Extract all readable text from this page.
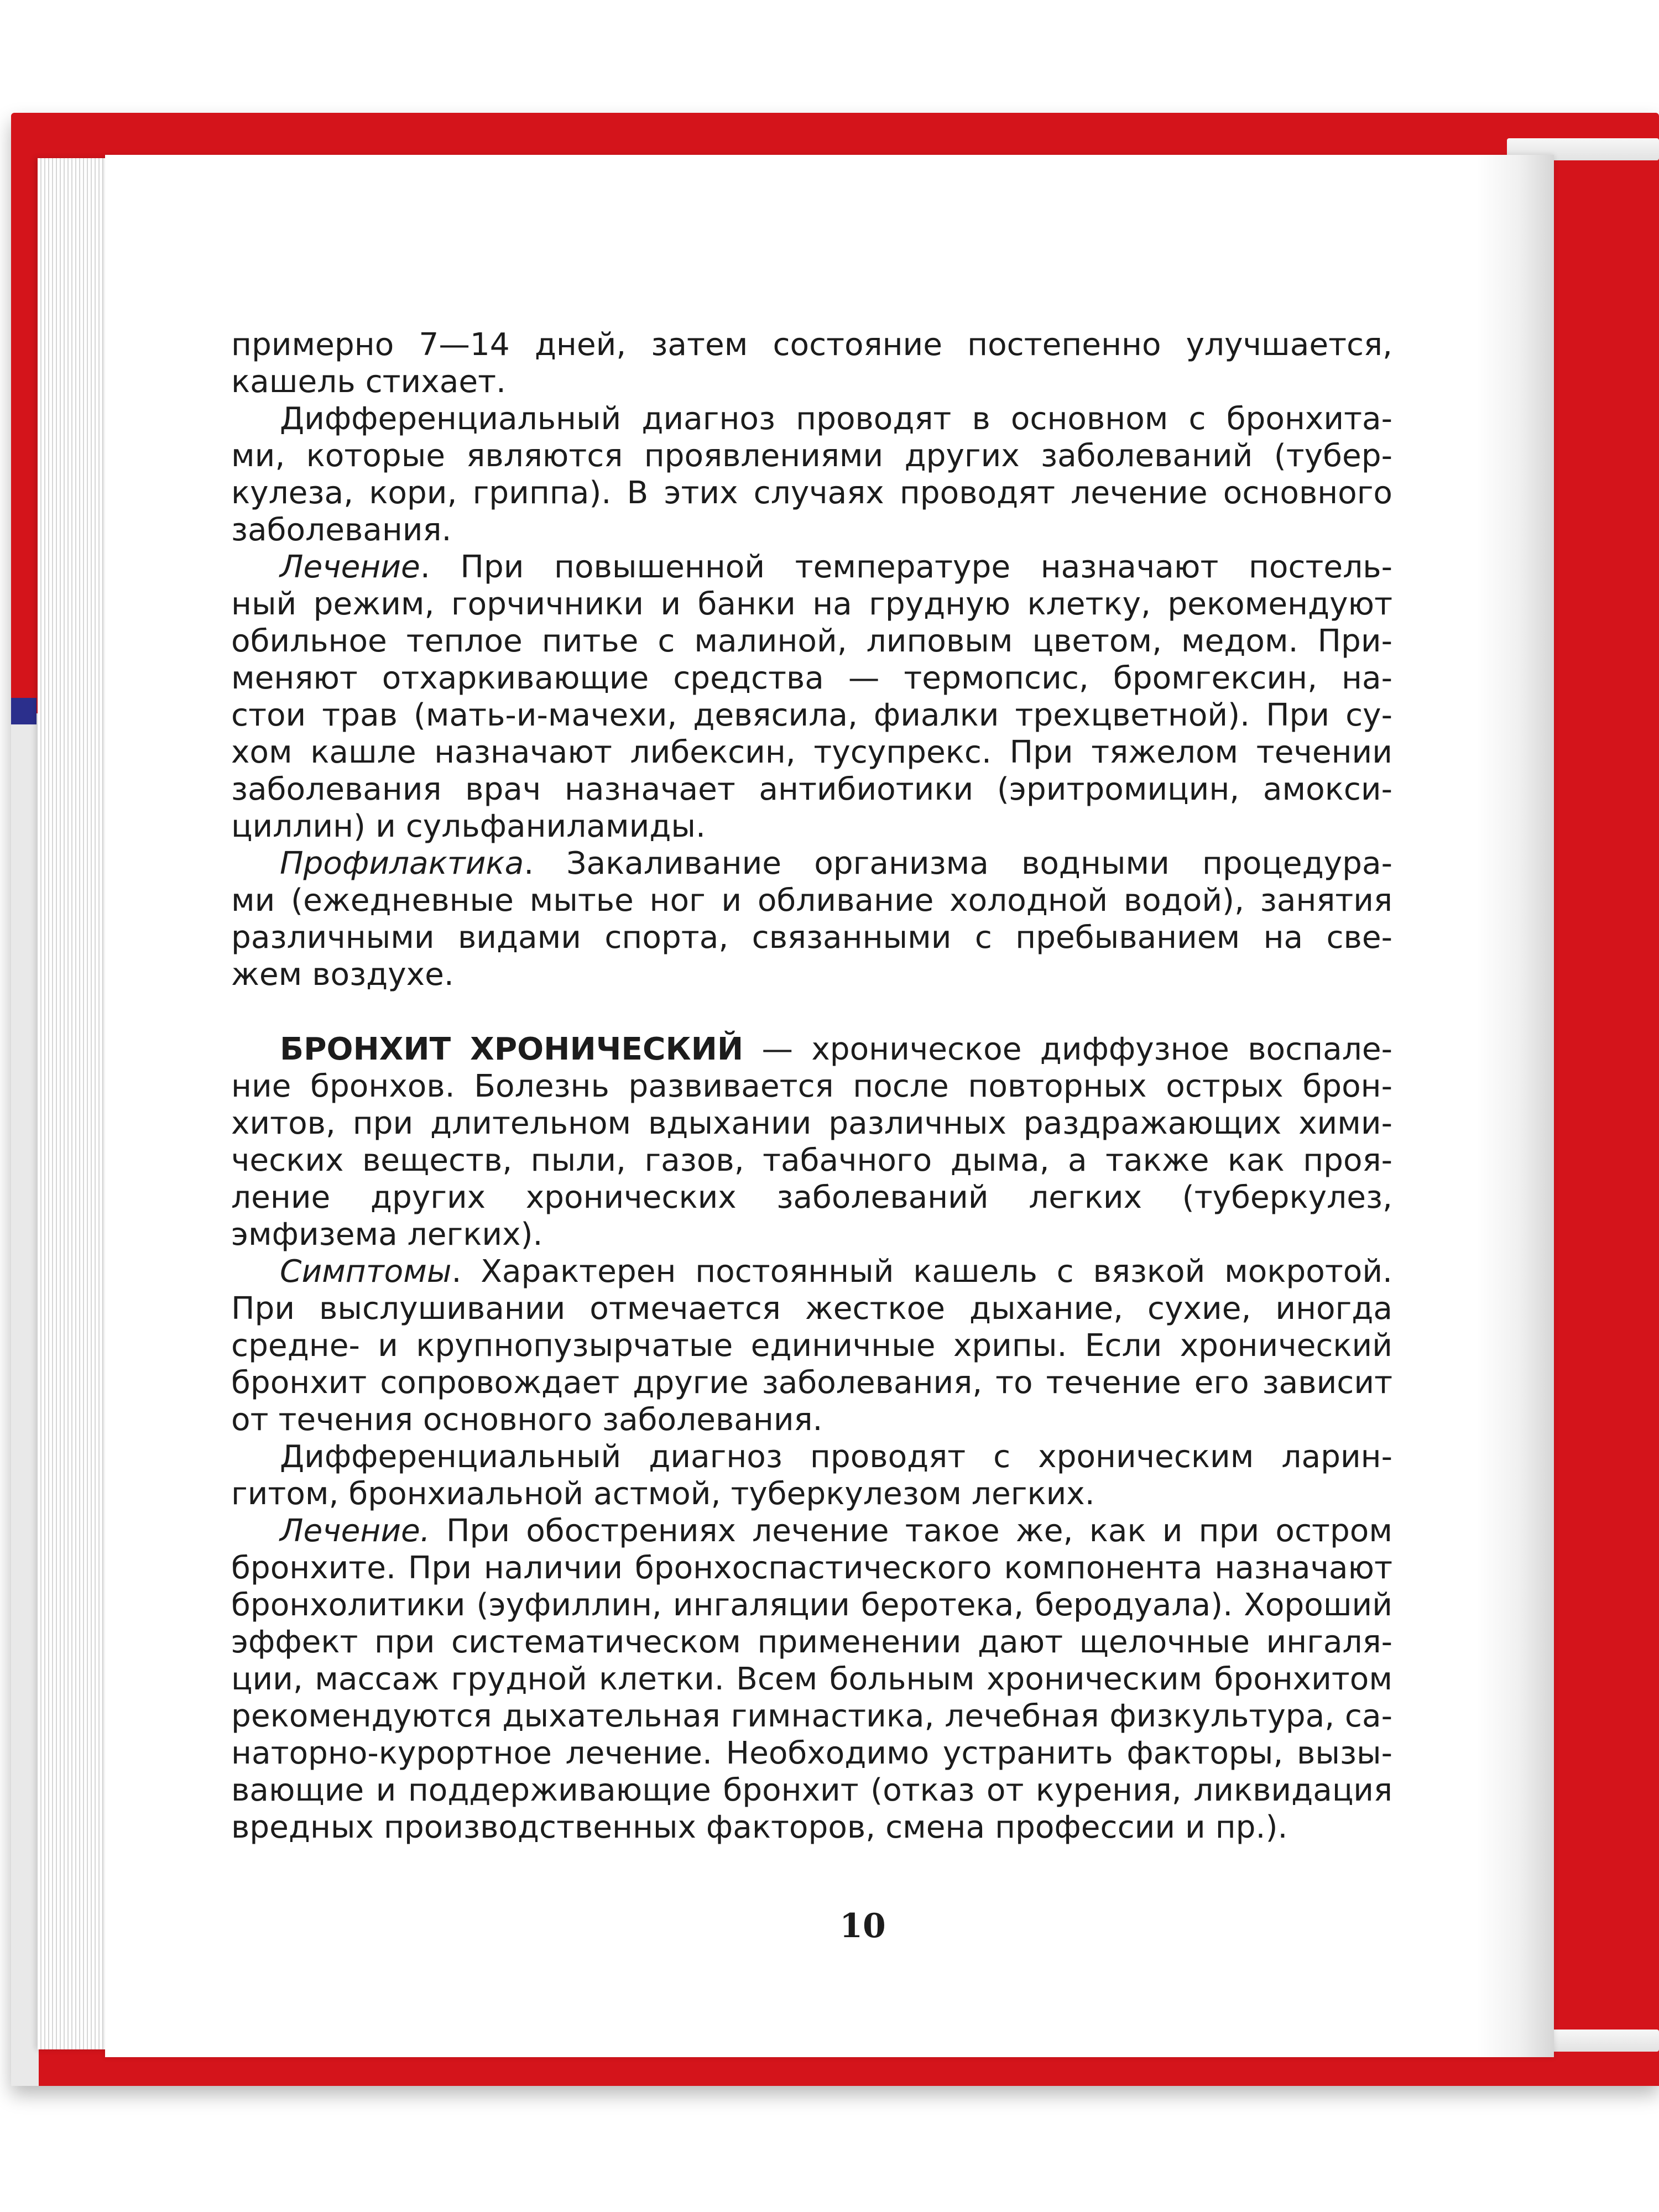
примерно 7—14 дней, затем состояние постепенно улучшается,
кашель стихает.
Дифференциальный диагноз проводят в основном с бронхита-
ми, которые являются проявлениями других заболеваний (тубер-
кулеза, кори, гриппа). В этих случаях проводят лечение основного
заболевания.
Лечение. При повышенной температуре назначают постель-
ный режим, горчичники и банки на грудную клетку, рекомендуют
обильное теплое питье с малиной, липовым цветом, медом. При-
меняют отхаркивающие средства — термопсис, бромгексин, на-
стои трав (мать-и-мачехи, девясила, фиалки трехцветной). При су-
хом кашле назначают либексин, тусупрекс. При тяжелом течении
заболевания врач назначает антибиотики (эритромицин, амокси-
циллин) и сульфаниламиды.
Профилактика. Закаливание организма водными процедура-
ми (ежедневные мытье ног и обливание холодной водой), занятия
различными видами спорта, связанными с пребыванием на све-
жем воздухе.
БРОНХИТ ХРОНИЧЕСКИЙ — хроническое диффузное воспале-
ние бронхов. Болезнь развивается после повторных острых брон-
хитов, при длительном вдыхании различных раздражающих хими-
ческих веществ, пыли, газов, табачного дыма, а также как проя-
ление других хронических заболеваний легких (туберкулез,
эмфизема легких).
Симптомы. Характерен постоянный кашель с вязкой мокротой.
При выслушивании отмечается жесткое дыхание, сухие, иногда
средне- и крупнопузырчатые единичные хрипы. Если хронический
бронхит сопровождает другие заболевания, то течение его зависит
от течения основного заболевания.
Дифференциальный диагноз проводят с хроническим ларин-
гитом, бронхиальной астмой, туберкулезом легких.
Лечение. При обострениях лечение такое же, как и при остром
бронхите. При наличии бронхоспастического компонента назначают
бронхолитики (эуфиллин, ингаляции беротека, беродуала). Хороший
эффект при систематическом применении дают щелочные ингаля-
ции, массаж грудной клетки. Всем больным хроническим бронхитом
рекомендуются дыхательная гимнастика, лечебная физкультура, са-
наторно-курортное лечение. Необходимо устранить факторы, вызы-
вающие и поддерживающие бронхит (отказ от курения, ликвидация
вредных производственных факторов, смена профессии и пр.).
10
